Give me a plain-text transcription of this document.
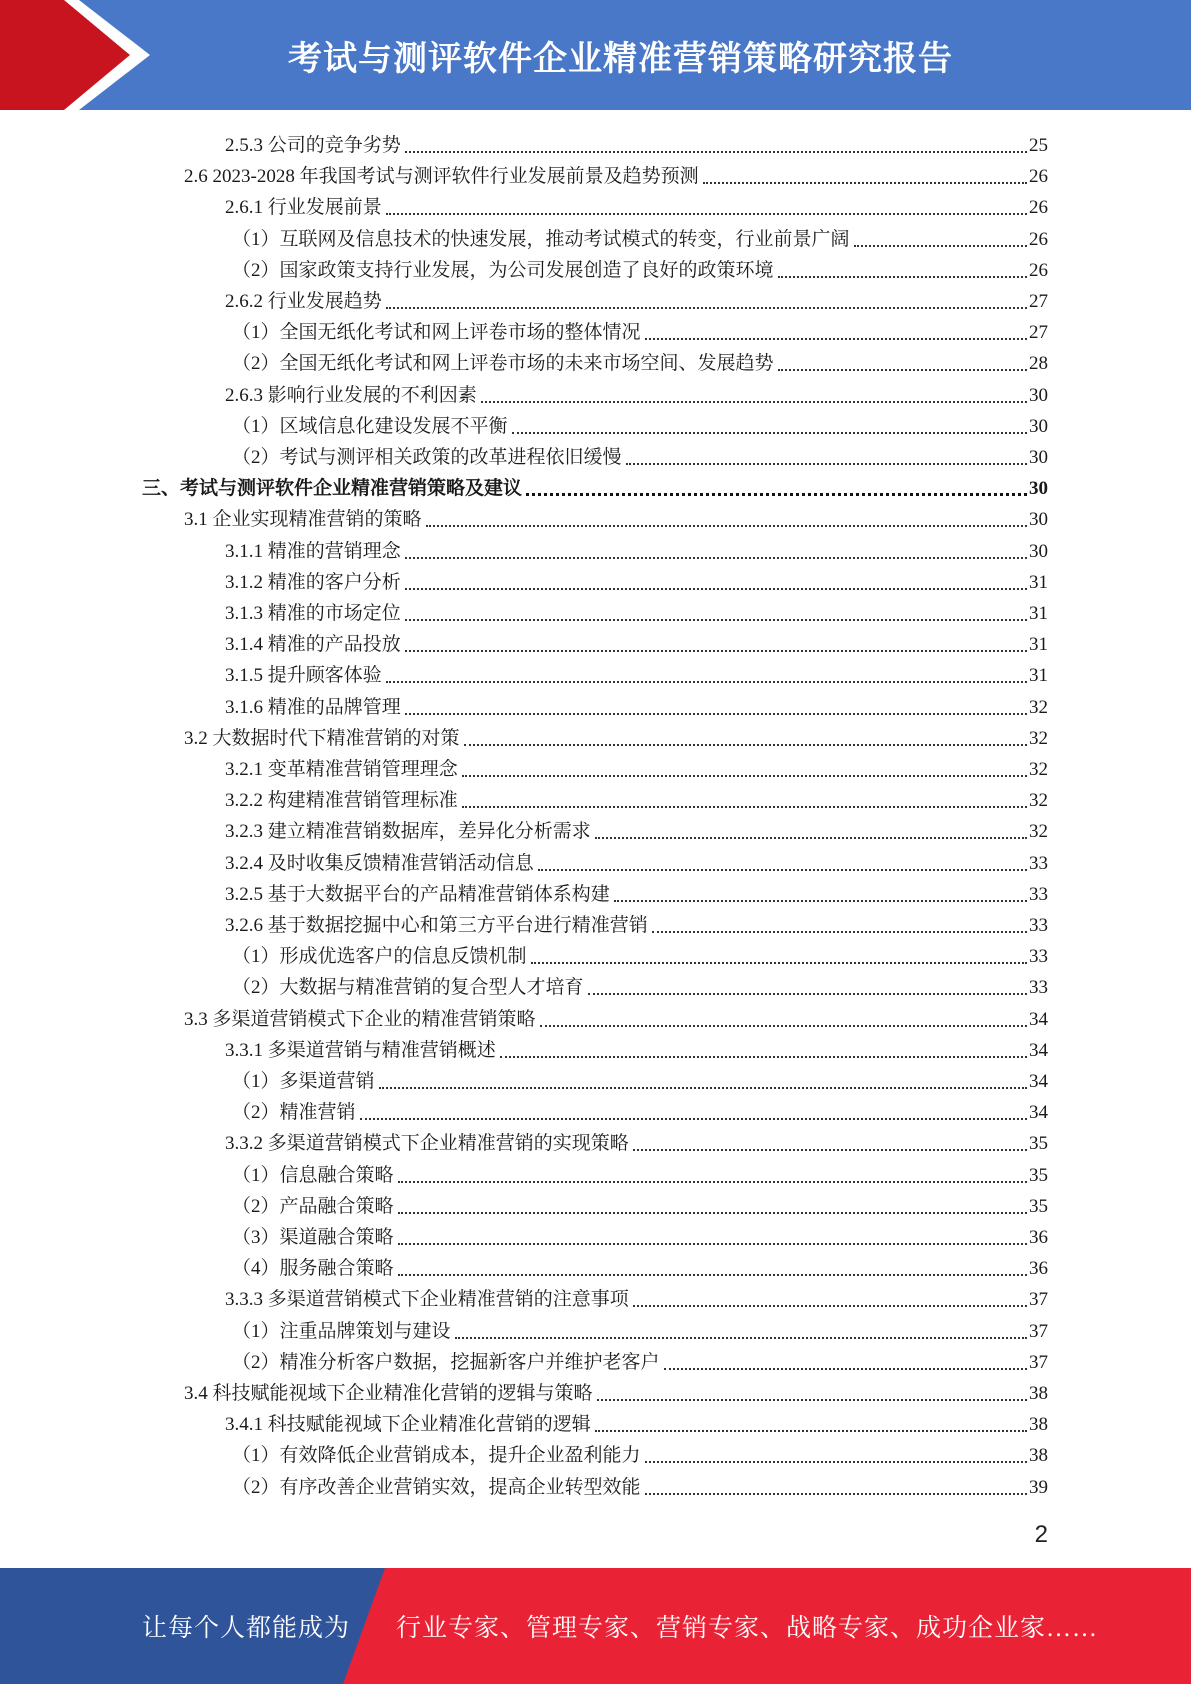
考试与测评软件企业精准营销策略研究报告
2.5.3 公司的竞争劣势	25
2.6 2023-2028 年我国考试与测评软件行业发展前景及趋势预测	26
2.6.1 行业发展前景	26
（1）互联网及信息技术的快速发展，推动考试模式的转变，行业前景广阔	26
（2）国家政策支持行业发展，为公司发展创造了良好的政策环境	26
2.6.2 行业发展趋势	27
（1）全国无纸化考试和网上评卷市场的整体情况	27
（2）全国无纸化考试和网上评卷市场的未来市场空间、发展趋势	28
2.6.3 影响行业发展的不利因素	30
（1）区域信息化建设发展不平衡	30
（2）考试与测评相关政策的改革进程依旧缓慢	30
三、考试与测评软件企业精准营销策略及建议	30
3.1 企业实现精准营销的策略	30
3.1.1 精准的营销理念	30
3.1.2 精准的客户分析	31
3.1.3 精准的市场定位	31
3.1.4 精准的产品投放	31
3.1.5 提升顾客体验	31
3.1.6 精准的品牌管理	32
3.2 大数据时代下精准营销的对策	32
3.2.1 变革精准营销管理理念	32
3.2.2 构建精准营销管理标准	32
3.2.3 建立精准营销数据库，差异化分析需求	32
3.2.4 及时收集反馈精准营销活动信息	33
3.2.5 基于大数据平台的产品精准营销体系构建	33
3.2.6 基于数据挖掘中心和第三方平台进行精准营销	33
（1）形成优选客户的信息反馈机制	33
（2）大数据与精准营销的复合型人才培育	33
3.3 多渠道营销模式下企业的精准营销策略	34
3.3.1 多渠道营销与精准营销概述	34
（1）多渠道营销	34
（2）精准营销	34
3.3.2 多渠道营销模式下企业精准营销的实现策略	35
（1）信息融合策略	35
（2）产品融合策略	35
（3）渠道融合策略	36
（4）服务融合策略	36
3.3.3 多渠道营销模式下企业精准营销的注意事项	37
（1）注重品牌策划与建设	37
（2）精准分析客户数据，挖掘新客户并维护老客户	37
3.4 科技赋能视域下企业精准化营销的逻辑与策略	38
3.4.1 科技赋能视域下企业精准化营销的逻辑	38
（1）有效降低企业营销成本，提升企业盈利能力	38
（2）有序改善企业营销实效，提高企业转型效能	39
2
让每个人都能成为 行业专家、管理专家、营销专家、战略专家、成功企业家……
